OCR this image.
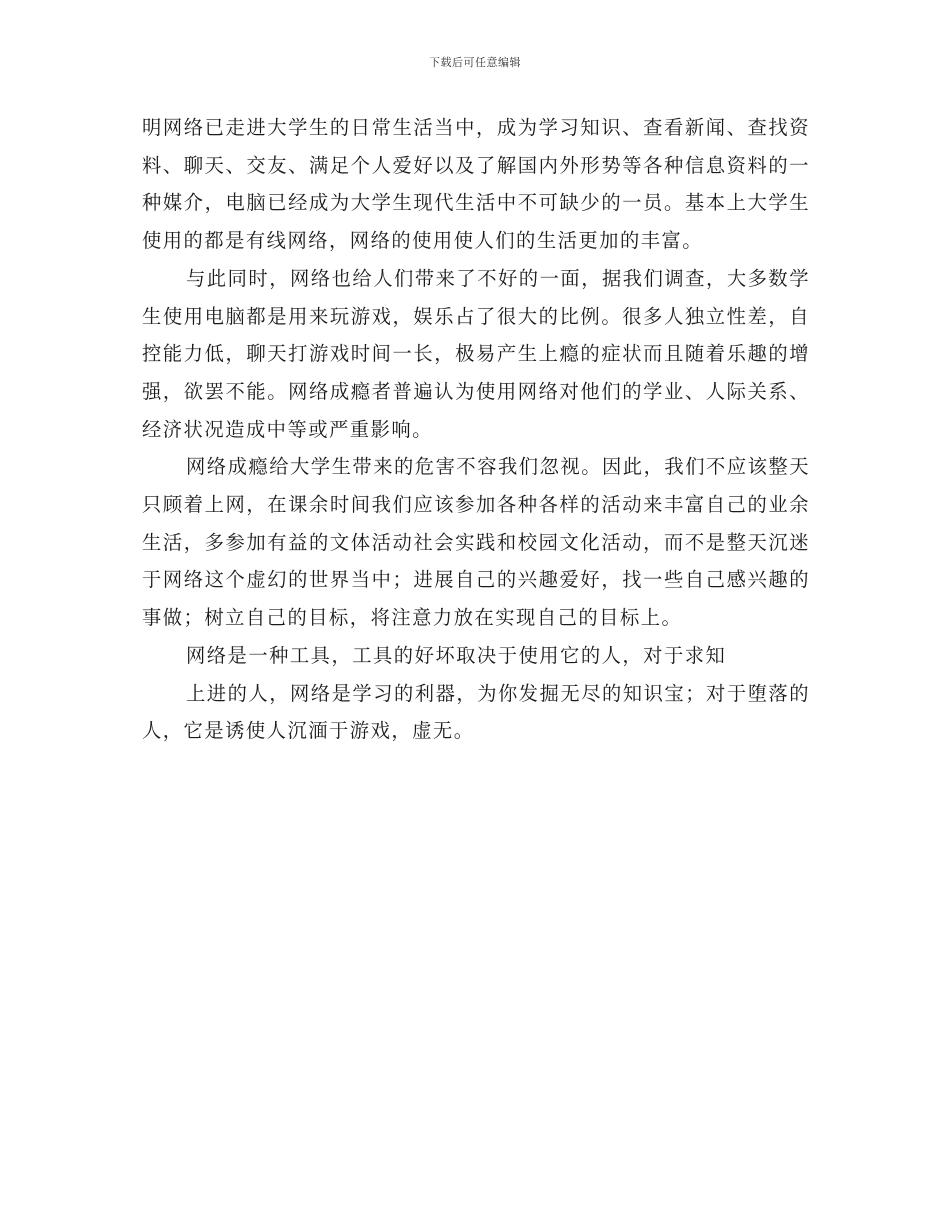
下载后可任意编辑

明网络已走进大学生的日常生活当中，成为学习知识、查看新闻、查找资料、聊天、交友、满足个人爱好以及了解国内外形势等各种信息资料的一种媒介，电脑已经成为大学生现代生活中不可缺少的一员。基本上大学生使用的都是有线网络，网络的使用使人们的生活更加的丰富。

与此同时，网络也给人们带来了不好的一面，据我们调查，大多数学生使用电脑都是用来玩游戏，娱乐占了很大的比例。很多人独立性差，自控能力低，聊天打游戏时间一长，极易产生上瘾的症状而且随着乐趣的增强，欲罢不能。网络成瘾者普遍认为使用网络对他们的学业、人际关系、经济状况造成中等或严重影响。

网络成瘾给大学生带来的危害不容我们忽视。因此，我们不应该整天只顾着上网，在课余时间我们应该参加各种各样的活动来丰富自己的业余生活，多参加有益的文体活动社会实践和校园文化活动，而不是整天沉迷于网络这个虚幻的世界当中；进展自己的兴趣爱好，找一些自己感兴趣的事做；树立自己的目标，将注意力放在实现自己的目标上。

网络是一种工具，工具的好坏取决于使用它的人，对于求知

上进的人，网络是学习的利器，为你发掘无尽的知识宝；对于堕落的人，它是诱使人沉湎于游戏，虚无。
